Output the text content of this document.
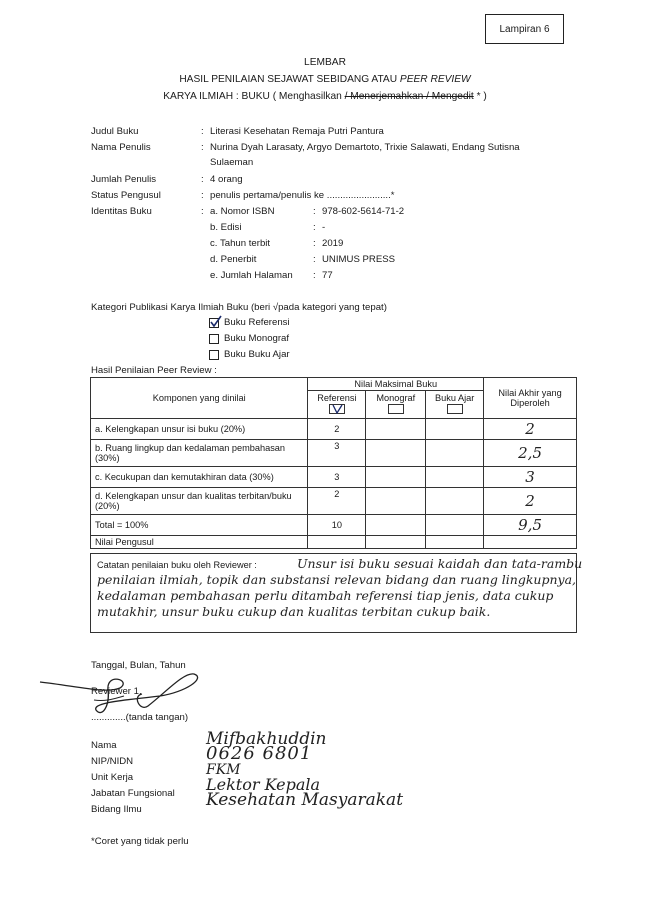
Lampiran 6
LEMBAR
HASIL PENILAIAN SEJAWAT SEBIDANG ATAU PEER REVIEW
KARYA ILMIAH : BUKU ( Menghasilkan / Menerjemahkan / Mengedit * )
Judul Buku	: Literasi Kesehatan Remaja Putri Pantura
Nama Penulis	: Nurina Dyah Larasaty, Argyo Demartoto, Trixie Salawati, Endang Sutisna
Sulaeman
Jumlah Penulis	: 4 orang
Status Pengusul	: penulis pertama/penulis ke ........................*
Identitas Buku	: a. Nomor ISBN	: 978-602-5614-71-2
b. Edisi	: -
c. Tahun terbit	: 2019
d. Penerbit	: UNIMUS PRESS
e. Jumlah Halaman : 77
Kategori Publikasi Karya Ilmiah Buku (beri √pada kategori yang tepat)
Buku Referensi
Buku Monograf
Buku Buku Ajar
Hasil Penilaian Peer Review :
Komponen yang dinilai	Nilai Maksimal Buku			Nilai Akhir yang Diperoleh

	Referensi	Monograf	Buku Ajar	

a. Kelengkapan unsur isi buku (20%)	2			2
b. Ruang lingkup dan kedalaman pembahasan (30%)	3			2,5
c. Kecukupan dan kemutakhiran data (30%)	3			3
d. Kelengkapan unsur dan kualitas terbitan/buku (20%)	2			2
Total = 100%	10			9,5
Nilai Pengusul				
Catatan penilaian buku oleh Reviewer :	Unsur isi buku sesuai kaidah dan tata-rambu penilaian ilmiah, topik dan substansi relevan bidang dan ruang lingkupnya, kedalaman pembahasan perlu ditambah referensi tiap jenis, data cukup mutakhir, unsur buku cukup dan kualitas terbitan cukup baik.
Tanggal, Bulan, Tahun
Reviewer 1,
.............(tanda tangan)
Nama	Mifbakhuddin
NIP/NIDN	0626 6801
Unit Kerja	FKM
Jabatan Fungsional Lektor Kepala
Bidang Ilmu	Kesehatan Masyarakat
*Coret yang tidak perlu
